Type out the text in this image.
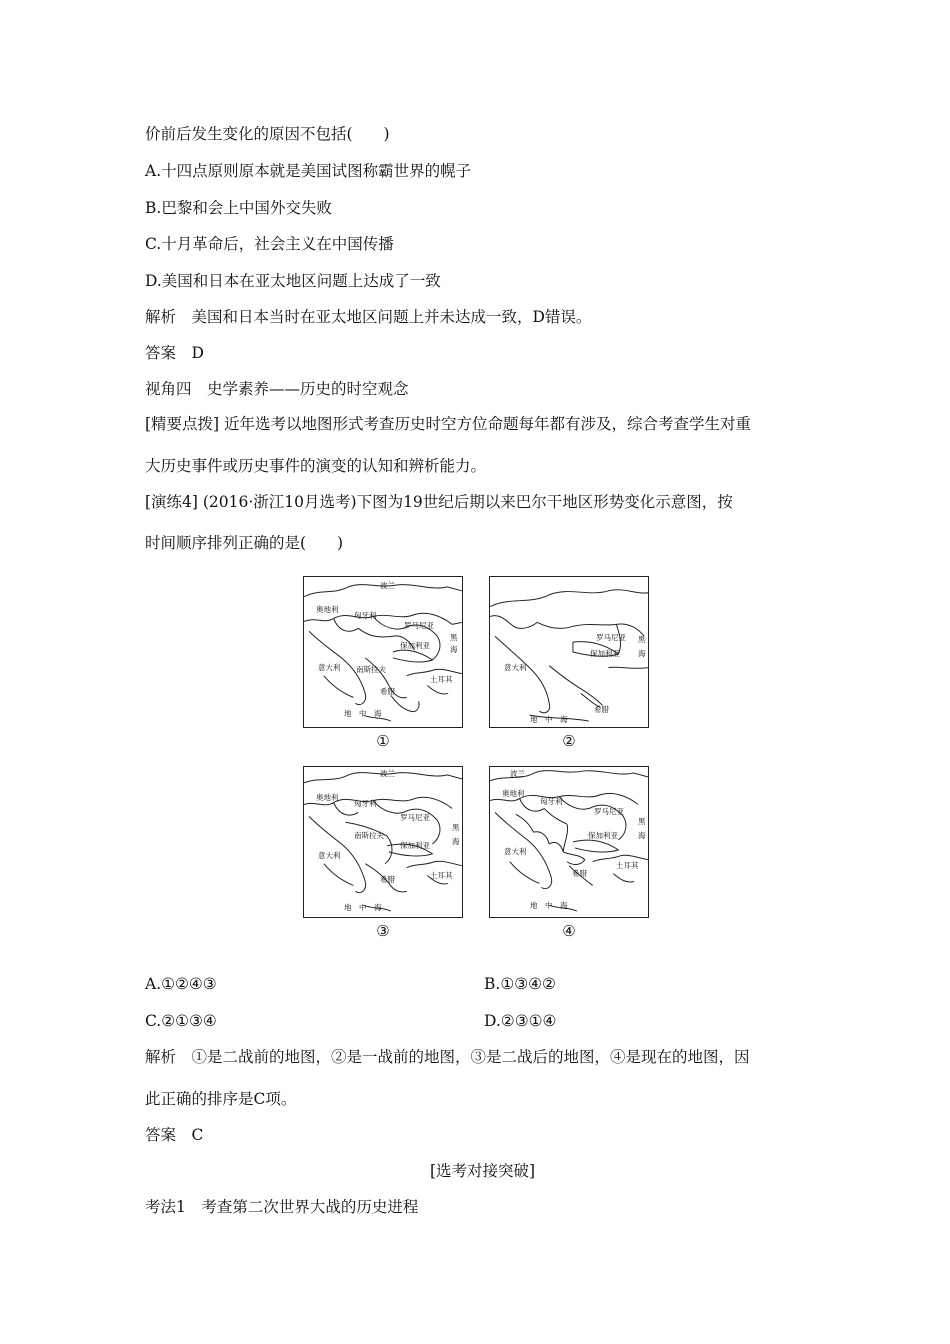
价前后发生变化的原因不包括(　　)
A.十四点原则原本就是美国试图称霸世界的幌子
B.巴黎和会上中国外交失败
C.十月革命后，社会主义在中国传播
D.美国和日本在亚太地区问题上达成了一致
解析　美国和日本当时在亚太地区问题上并未达成一致，D错误。
答案　D
视角四　史学素养——历史的时空观念
[精要点拨] 近年选考以地图形式考查历史时空方位命题每年都有涉及，综合考查学生对重
大历史事件或历史事件的演变的认知和辨析能力。
[演练4] (2016·浙江10月选考)下图为19世纪后期以来巴尔干地区形势变化示意图，按
时间顺序排列正确的是(　　)
波兰
奥地利
匈牙利
罗马尼亚
保加利亚
黑
海
南斯拉夫
意大利
希腊
土耳其
地　中　海
①
罗马尼亚 黑
保加利亚 海
意大利
希腊
地　中　海
②
波兰
奥地利
匈牙利
罗马尼亚
南斯拉夫
保加利亚
黑
海
意大利
希腊	土耳其
地　中　海
③
波兰
奥地利
匈牙利
罗马尼亚
保加利亚
黑
海
意大利
希腊
土耳其
地　中　海
④
A.①②④③	B.①③④②
C.②①③④	D.②③①④
解析　①是二战前的地图，②是一战前的地图，③是二战后的地图，④是现在的地图，因
此正确的排序是C项。
答案　C
[选考对接突破]
考法1　考查第二次世界大战的历史进程
